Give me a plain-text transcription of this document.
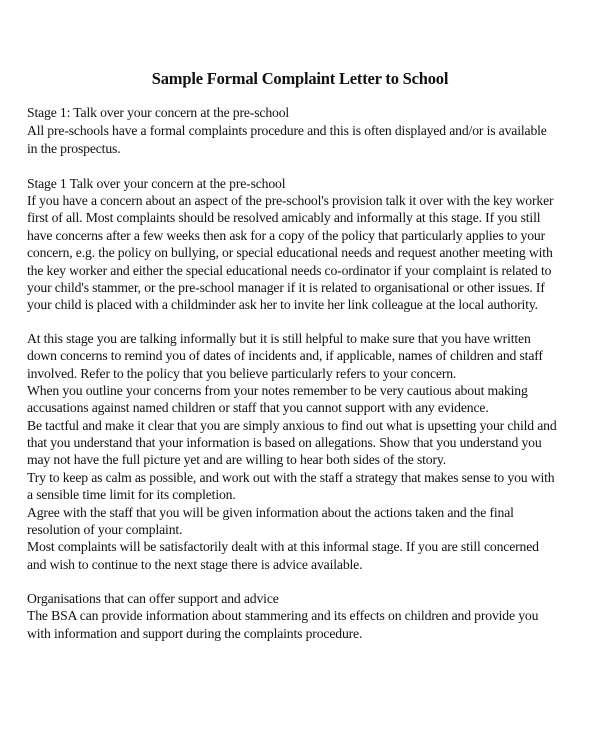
Sample Formal Complaint Letter to School
Stage 1: Talk over your concern at the pre-school
All pre-schools have a formal complaints procedure and this is often displayed and/or is available
in the prospectus.
Stage 1 Talk over your concern at the pre-school
If you have a concern about an aspect of the pre-school's provision talk it over with the key worker
first of all. Most complaints should be resolved amicably and informally at this stage. If you still
have concerns after a few weeks then ask for a copy of the policy that particularly applies to your
concern, e.g. the policy on bullying, or special educational needs and request another meeting with
the key worker and either the special educational needs co-ordinator if your complaint is related to
your child's stammer, or the pre-school manager if it is related to organisational or other issues. If
your child is placed with a childminder ask her to invite her link colleague at the local authority.
At this stage you are talking informally but it is still helpful to make sure that you have written
down concerns to remind you of dates of incidents and, if applicable, names of children and staff
involved. Refer to the policy that you believe particularly refers to your concern.
When you outline your concerns from your notes remember to be very cautious about making
accusations against named children or staff that you cannot support with any evidence.
Be tactful and make it clear that you are simply anxious to find out what is upsetting your child and
that you understand that your information is based on allegations. Show that you understand you
may not have the full picture yet and are willing to hear both sides of the story.
Try to keep as calm as possible, and work out with the staff a strategy that makes sense to you with
a sensible time limit for its completion.
Agree with the staff that you will be given information about the actions taken and the final
resolution of your complaint.
Most complaints will be satisfactorily dealt with at this informal stage. If you are still concerned
and wish to continue to the next stage there is advice available.
Organisations that can offer support and advice
The BSA can provide information about stammering and its effects on children and provide you
with information and support during the complaints procedure.
